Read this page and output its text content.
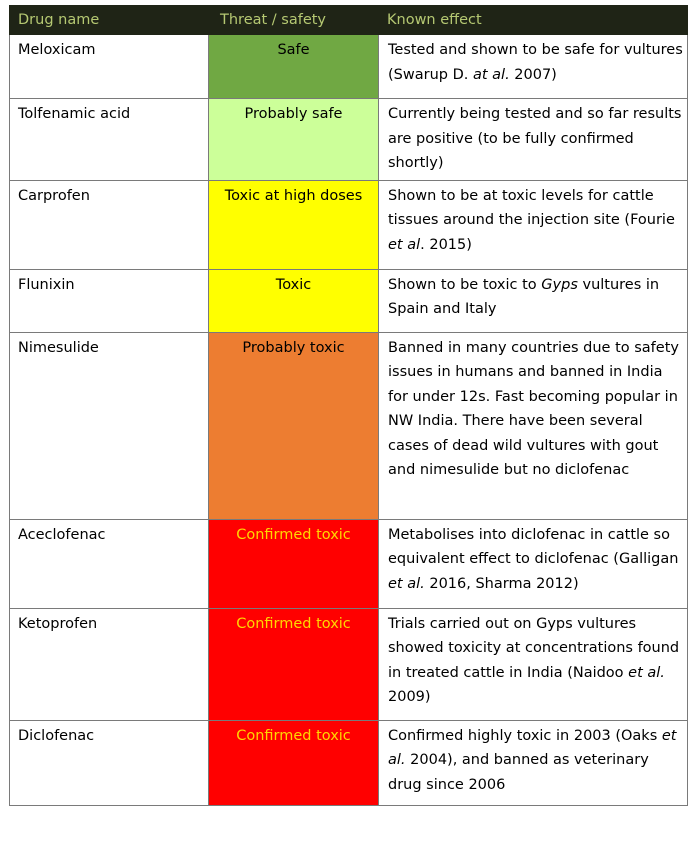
Drug name	Threat / safety	Known effect
Meloxicam	Safe	Tested and shown to be safe for vultures (Swarup D. at al. 2007)
Tolfenamic acid	Probably safe	Currently being tested and so far results are positive (to be fully confirmed shortly)
Carprofen	Toxic at high doses	Shown to be at toxic levels for cattle tissues around the injection site (Fourie et al. 2015)
Flunixin	Toxic	Shown to be toxic to Gyps vultures in Spain and Italy
Nimesulide	Probably toxic	Banned in many countries due to safety issues in humans and banned in India for under 12s. Fast becoming popular in NW India. There have been several cases of dead wild vultures with gout and nimesulide but no diclofenac
Aceclofenac	Confirmed toxic	Metabolises into diclofenac in cattle so equivalent effect to diclofenac (Galligan et al. 2016, Sharma 2012)
Ketoprofen	Confirmed toxic	Trials carried out on Gyps vultures showed toxicity at concentrations found in treated cattle in India (Naidoo et al. 2009)
Diclofenac	Confirmed toxic	Confirmed highly toxic in 2003 (Oaks et al. 2004), and banned as veterinary drug since 2006
